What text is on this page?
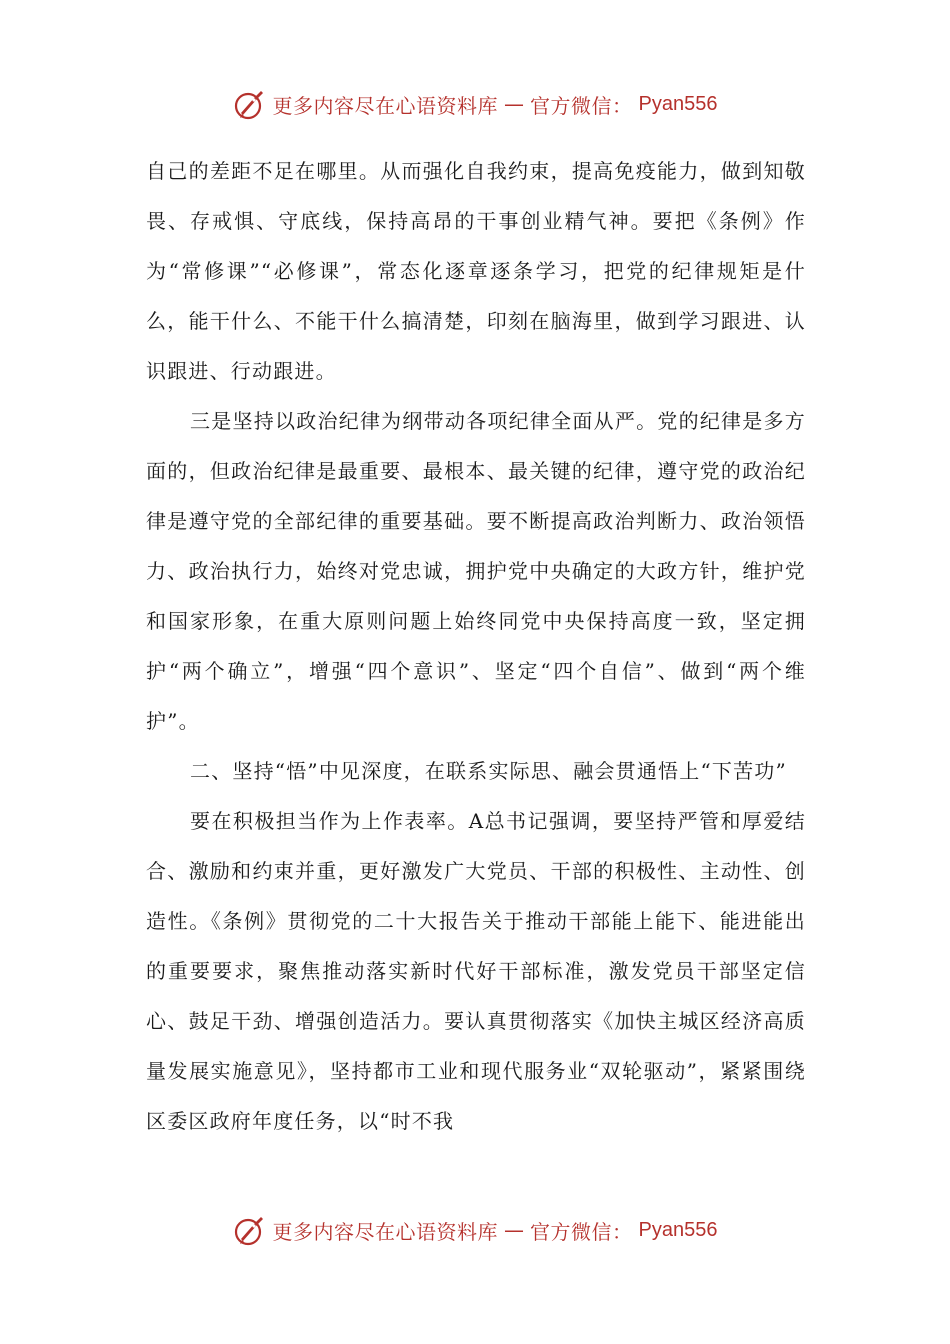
更多内容尽在心语资料库 — 官方微信： Pyan556

自己的差距不足在哪里。从而强化自我约束，提高免疫能力，做到知敬畏、存戒惧、守底线，保持高昂的干事创业精气神。要把《条例》作为“常修课”“必修课”，常态化逐章逐条学习，把党的纪律规矩是什么，能干什么、不能干什么搞清楚，印刻在脑海里，做到学习跟进、认识跟进、行动跟进。

三是坚持以政治纪律为纲带动各项纪律全面从严。党的纪律是多方面的，但政治纪律是最重要、最根本、最关键的纪律，遵守党的政治纪律是遵守党的全部纪律的重要基础。要不断提高政治判断力、政治领悟力、政治执行力，始终对党忠诚，拥护党中央确定的大政方针，维护党和国家形象，在重大原则问题上始终同党中央保持高度一致，坚定拥护“两个确立”，增强“四个意识”、坚定“四个自信”、做到“两个维护”。

二、坚持“悟”中见深度，在联系实际思、融会贯通悟上“下苦功”

要在积极担当作为上作表率。A总书记强调，要坚持严管和厚爱结合、激励和约束并重，更好激发广大党员、干部的积极性、主动性、创造性。《条例》贯彻党的二十大报告关于推动干部能上能下、能进能出的重要要求，聚焦推动落实新时代好干部标准，激发党员干部坚定信心、鼓足干劲、增强创造活力。要认真贯彻落实《加快主城区经济高质量发展实施意见》，坚持都市工业和现代服务业“双轮驱动”，紧紧围绕区委区政府年度任务，以“时不我

更多内容尽在心语资料库 — 官方微信： Pyan556
